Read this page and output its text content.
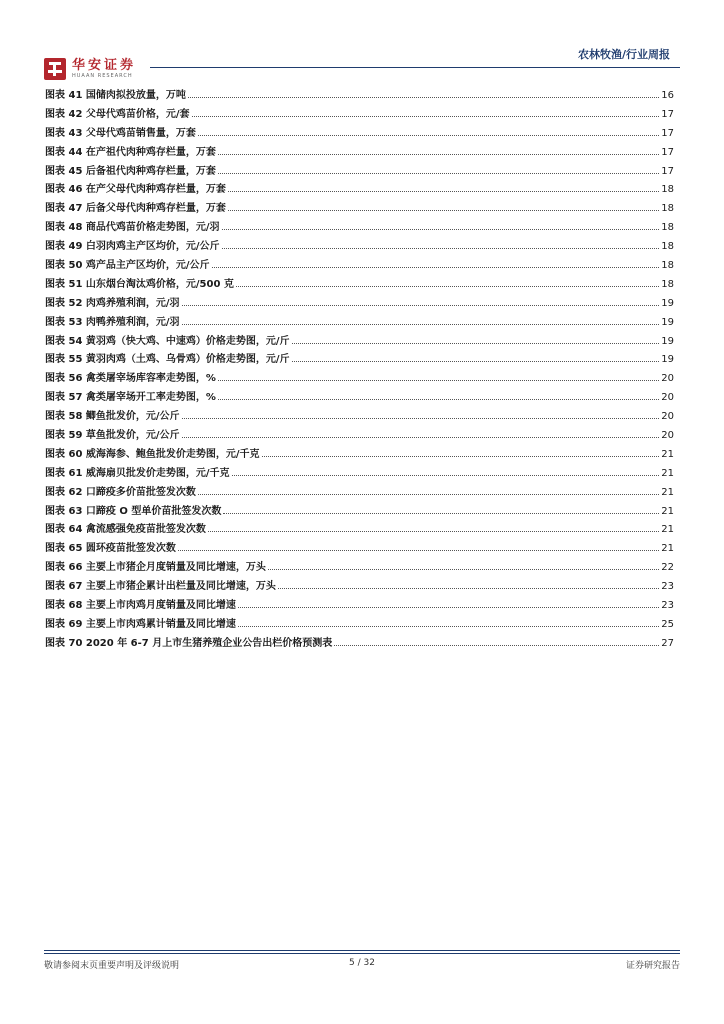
华安证券
HUAAN RESEARCH
农林牧渔/行业周报
图表 41 国储肉拟投放量，万吨	16
图表 42 父母代鸡苗价格，元/套	17
图表 43 父母代鸡苗销售量，万套	17
图表 44 在产祖代肉种鸡存栏量，万套	17
图表 45 后备祖代肉种鸡存栏量，万套	17
图表 46 在产父母代肉种鸡存栏量，万套	18
图表 47 后备父母代肉种鸡存栏量，万套	18
图表 48 商品代鸡苗价格走势图，元/羽	18
图表 49 白羽肉鸡主产区均价，元/公斤	18
图表 50 鸡产品主产区均价，元/公斤	18
图表 51 山东烟台淘汰鸡价格，元/500 克	18
图表 52 肉鸡养殖利润，元/羽	19
图表 53 肉鸭养殖利润，元/羽	19
图表 54 黄羽鸡（快大鸡、中速鸡）价格走势图，元/斤	19
图表 55 黄羽肉鸡（土鸡、乌骨鸡）价格走势图，元/斤	19
图表 56 禽类屠宰场库容率走势图，%	20
图表 57 禽类屠宰场开工率走势图，%	20
图表 58 鲫鱼批发价，元/公斤	20
图表 59 草鱼批发价，元/公斤	20
图表 60 威海海参、鲍鱼批发价走势图，元/千克	21
图表 61 威海扇贝批发价走势图，元/千克	21
图表 62 口蹄疫多价苗批签发次数	21
图表 63 口蹄疫 O 型单价苗批签发次数	21
图表 64 禽流感强免疫苗批签发次数	21
图表 65 圆环疫苗批签发次数	21
图表 66 主要上市猪企月度销量及同比增速，万头	22
图表 67 主要上市猪企累计出栏量及同比增速，万头	23
图表 68 主要上市肉鸡月度销量及同比增速	23
图表 69 主要上市肉鸡累计销量及同比增速	25
图表 70 2020 年 6-7 月上市生猪养殖企业公告出栏价格预测表	27
敬请参阅末页重要声明及评级说明	5 / 32	证券研究报告
